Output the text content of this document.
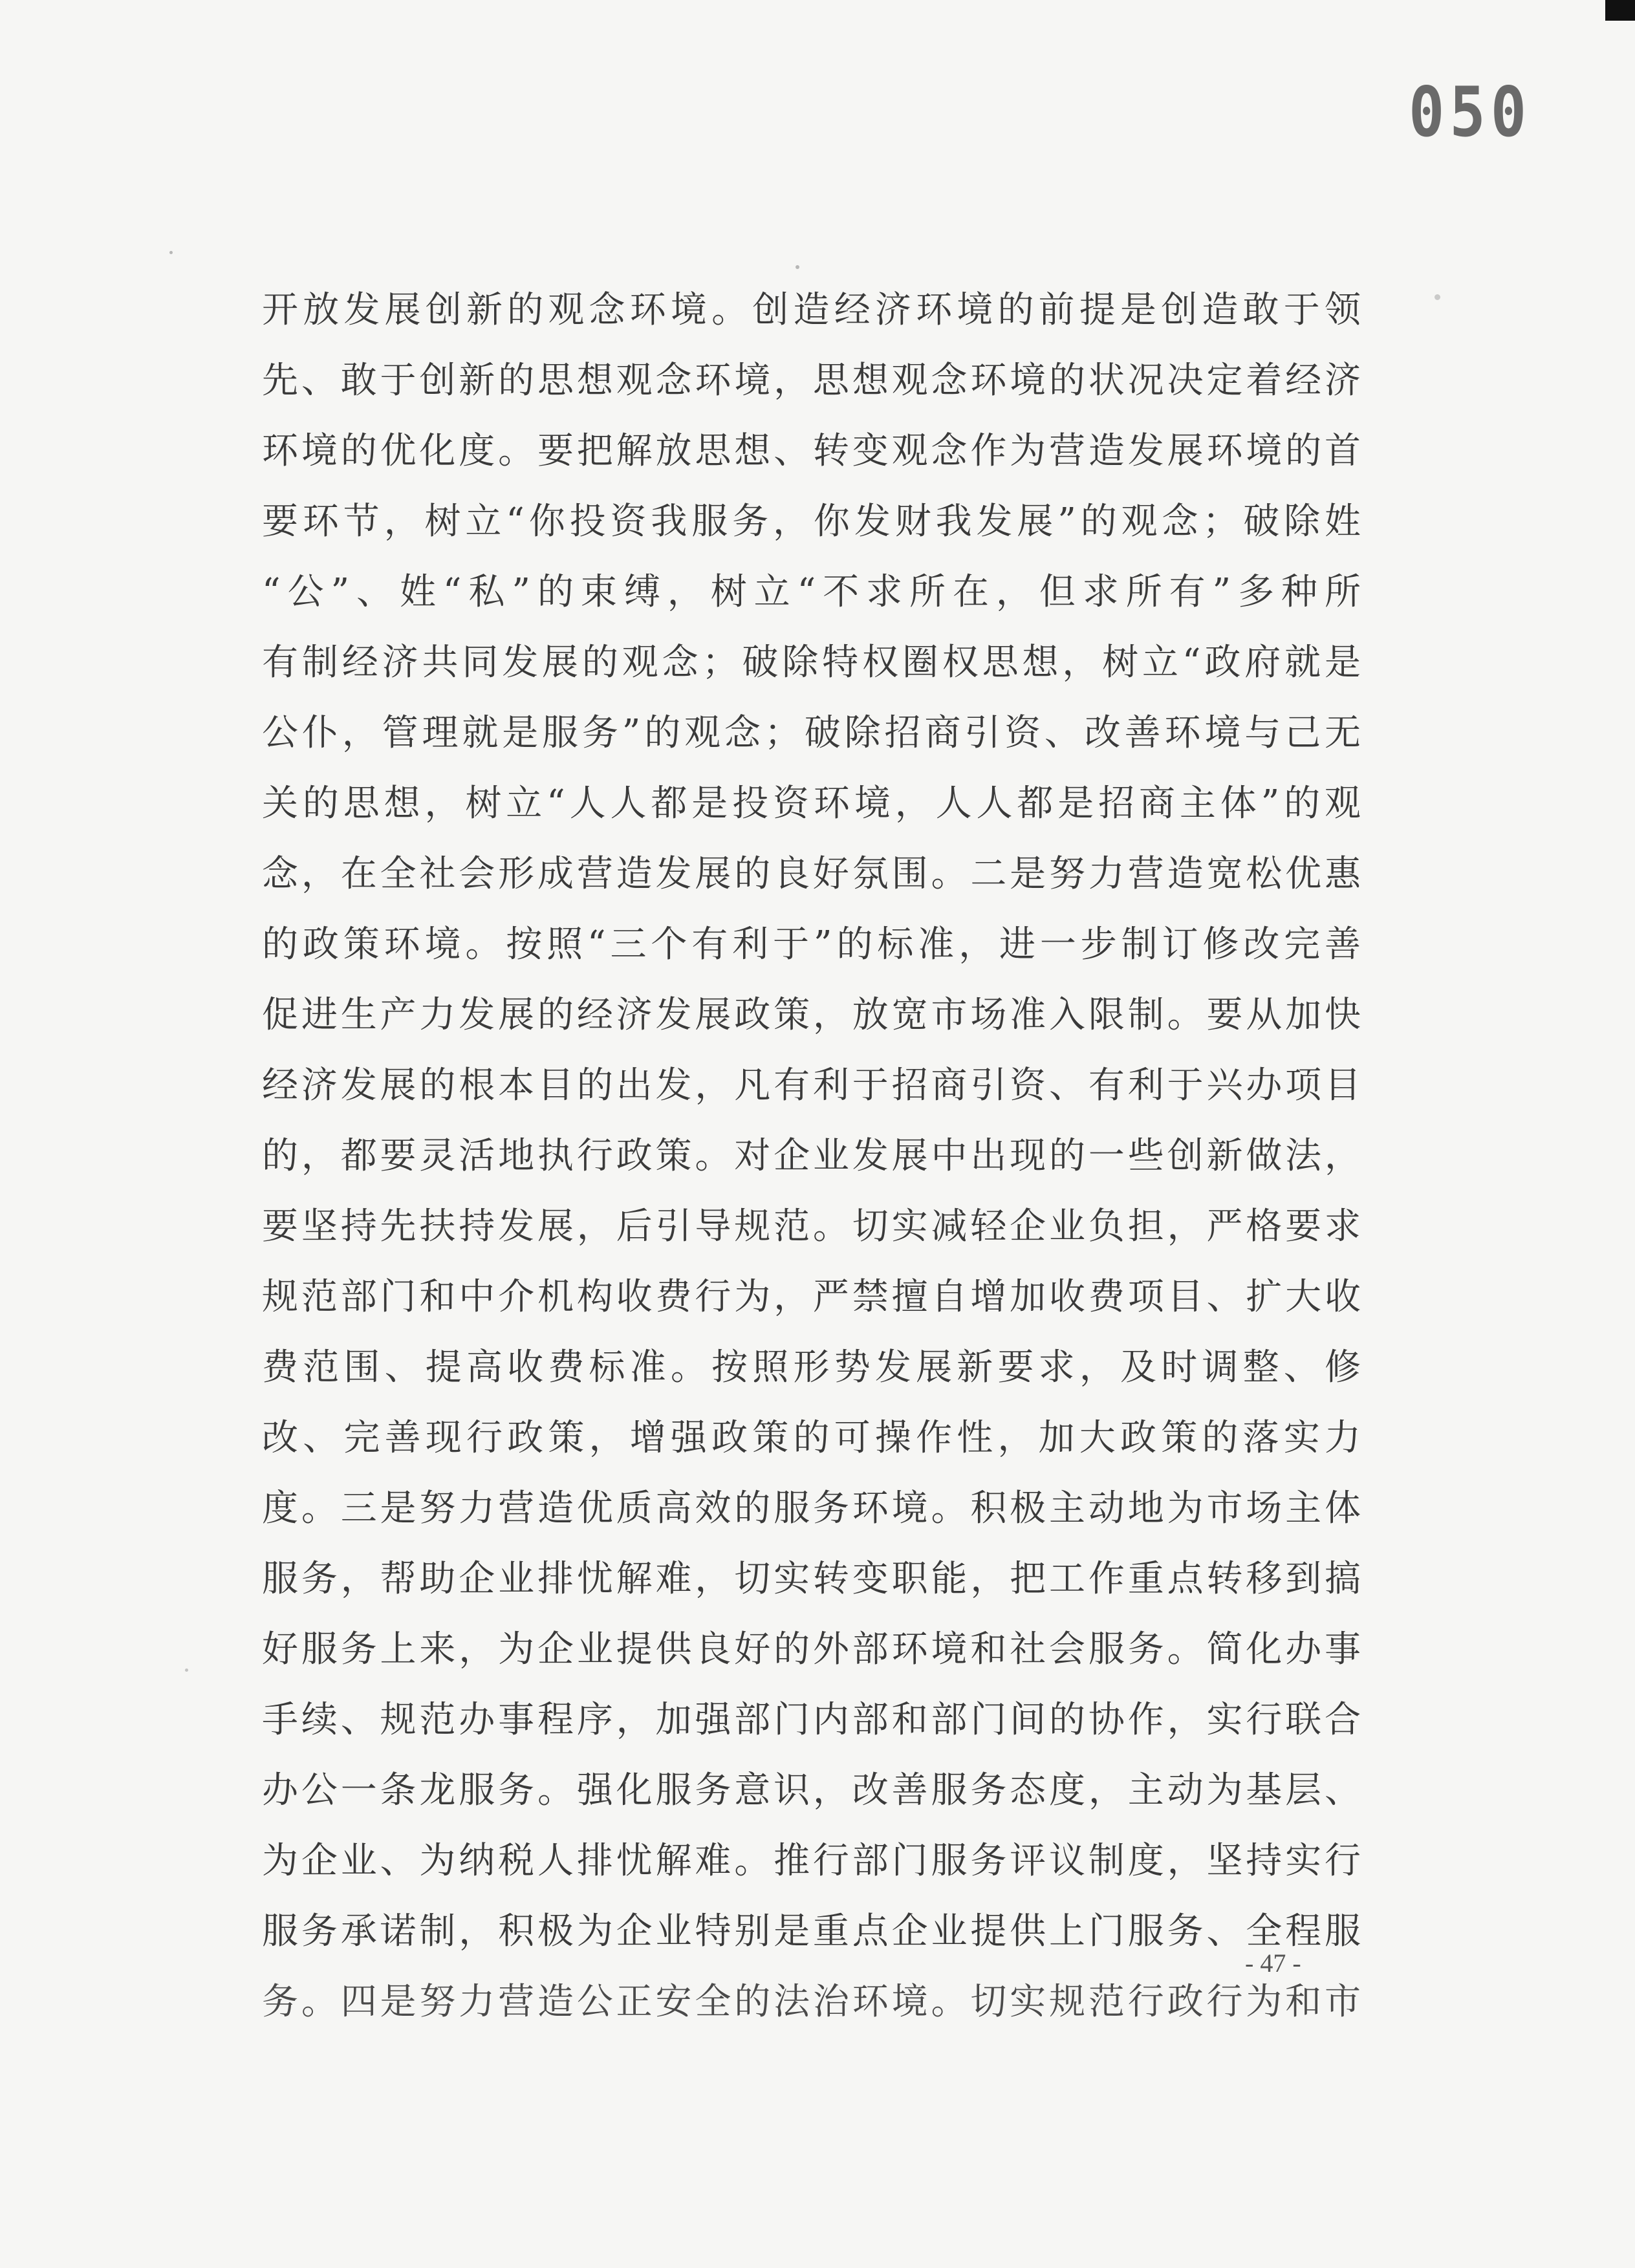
050
开放发展创新的观念环境。创造经济环境的前提是创造敢于领
先、敢于创新的思想观念环境，思想观念环境的状况决定着经济
环境的优化度。要把解放思想、转变观念作为营造发展环境的首
要环节，树立“你投资我服务，你发财我发展”的观念；破除姓
“公”、姓“私”的束缚，树立“不求所在，但求所有”多种所
有制经济共同发展的观念；破除特权圈权思想，树立“政府就是
公仆，管理就是服务”的观念；破除招商引资、改善环境与己无
关的思想，树立“人人都是投资环境，人人都是招商主体”的观
念，在全社会形成营造发展的良好氛围。二是努力营造宽松优惠
的政策环境。按照“三个有利于”的标准，进一步制订修改完善
促进生产力发展的经济发展政策，放宽市场准入限制。要从加快
经济发展的根本目的出发，凡有利于招商引资、有利于兴办项目
的，都要灵活地执行政策。对企业发展中出现的一些创新做法，
要坚持先扶持发展，后引导规范。切实减轻企业负担，严格要求
规范部门和中介机构收费行为，严禁擅自增加收费项目、扩大收
费范围、提高收费标准。按照形势发展新要求，及时调整、修
改、完善现行政策，增强政策的可操作性，加大政策的落实力
度。三是努力营造优质高效的服务环境。积极主动地为市场主体
服务，帮助企业排忧解难，切实转变职能，把工作重点转移到搞
好服务上来，为企业提供良好的外部环境和社会服务。简化办事
手续、规范办事程序，加强部门内部和部门间的协作，实行联合
办公一条龙服务。强化服务意识，改善服务态度，主动为基层、
为企业、为纳税人排忧解难。推行部门服务评议制度，坚持实行
服务承诺制，积极为企业特别是重点企业提供上门服务、全程服
务。四是努力营造公正安全的法治环境。切实规范行政行为和市
- 47 -
